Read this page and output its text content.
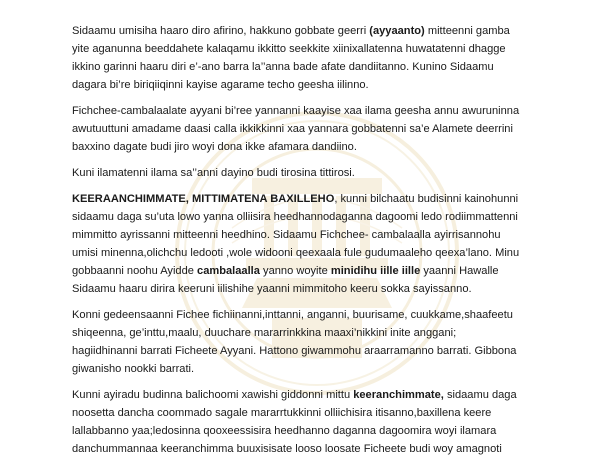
Sidaamu umisiha haaro diro afirino, hakkuno gobbate geerri (ayyaanto) mitteenni gamba
yite aganunna beeddahete kalaqamu ikkitto seekkite xiinixallatenna huwatatenni dhagge
ikkino garinni haaru diri e’-ano barra la’’anna bade afate dandiitanno. Kunino Sidaamu
dagara bi’re biriqiiqinni kayise agarame techo geesha iilinno.
Fichchee-cambalaalate ayyani bi’ree yannanni kaayise xaa ilama geesha annu awuruninna
awutuuttuni amadame daasi calla ikkikkinni xaa yannara gobbatenni sa’e Alamete deerrini
baxxino dagate budi jiro woyi dona ikke afamara dandiino.
Kuni ilamatenni ilama sa’’anni dayino budi tirosina tittirosi.
KEERAANCHIMMATE, MITTIMATENA BAXILLEHO, kunni bilchaatu budisinni kainohunni
sidaamu daga su’uta lowo yanna olliisira heedhannodaganna dagoomi ledo rodiimmattenni
mimmitto ayrissanni mitteenni heedhino. Sidaamu Fichchee- cambalaalla ayirrisannohu
umisi minenna,olichchu ledooti ,wole widooni qeexaala fule gudumaaleho qeexa’lano. Minu
gobbaanni noohu Ayidde cambalaalla yanno woyite minidihu iille iille yaanni Hawalle
Sidaamu haaru dirira keeruni iilishihe yaanni mimmitoho keeru sokka sayissanno.
Konni gedeensaanni Fichee fichiinanni,inttanni, anganni, buurisame, cuukkame,shaafeetu
shiqeenna, ge’inttu,maalu, duuchare mararrinkkina maaxi’nikkini inite anggani;
hagiidhinanni barrati Ficheete Ayyani. Hattono giwammohu araarramanno barrati. Gibbona
giwanisho nookki barrati.
Kunni ayiradu budinna balichoomi xawishi giddonni mittu keeranchimmate, sidaamu daga
noosetta dancha coommado sagale mararrtukkinni olliichisira itisanno,baxillena keere
lallabbanno yaa;ledosinna qooxeessisira heedhanno daganna dagoomira woyi ilamara
danchummannaa keeranchimma buuxisisate looso loosate Ficheete budi woy amagnoti
